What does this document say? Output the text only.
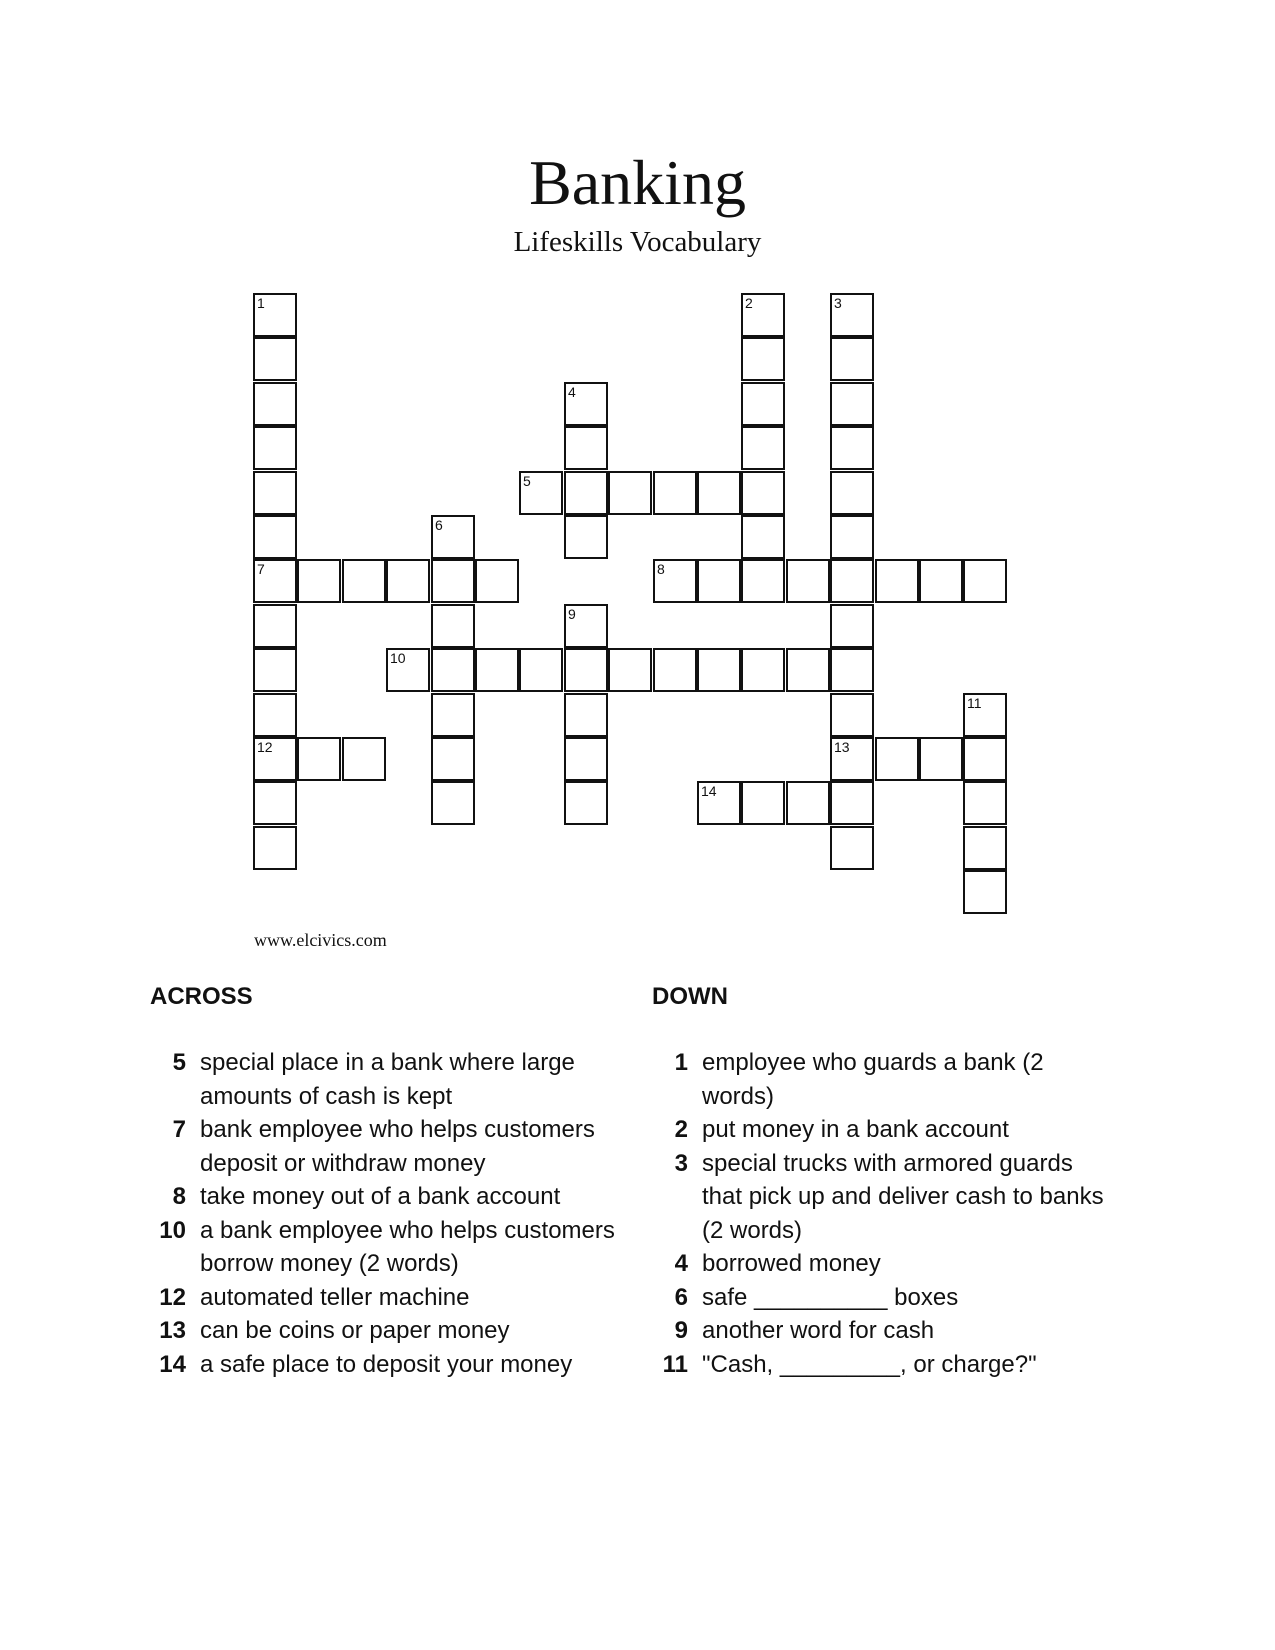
Banking
Lifeskills Vocabulary
1	2	3
4
5
6
7	8
9
10
11
12	13
14
www.elcivics.com
ACROSS
5 special place in a bank where large amounts of cash is kept
7 bank employee who helps customers deposit or withdraw money
8 take money out of a bank account
10 a bank employee who helps customers borrow money (2 words)
12 automated teller machine
13 can be coins or paper money
14 a safe place to deposit your money
DOWN
1 employee who guards a bank (2 words)
2 put money in a bank account
3 special trucks with armored guards that pick up and deliver cash to banks (2 words)
4 borrowed money
6 safe __________ boxes
9 another word for cash
11 "Cash, _________, or charge?"
